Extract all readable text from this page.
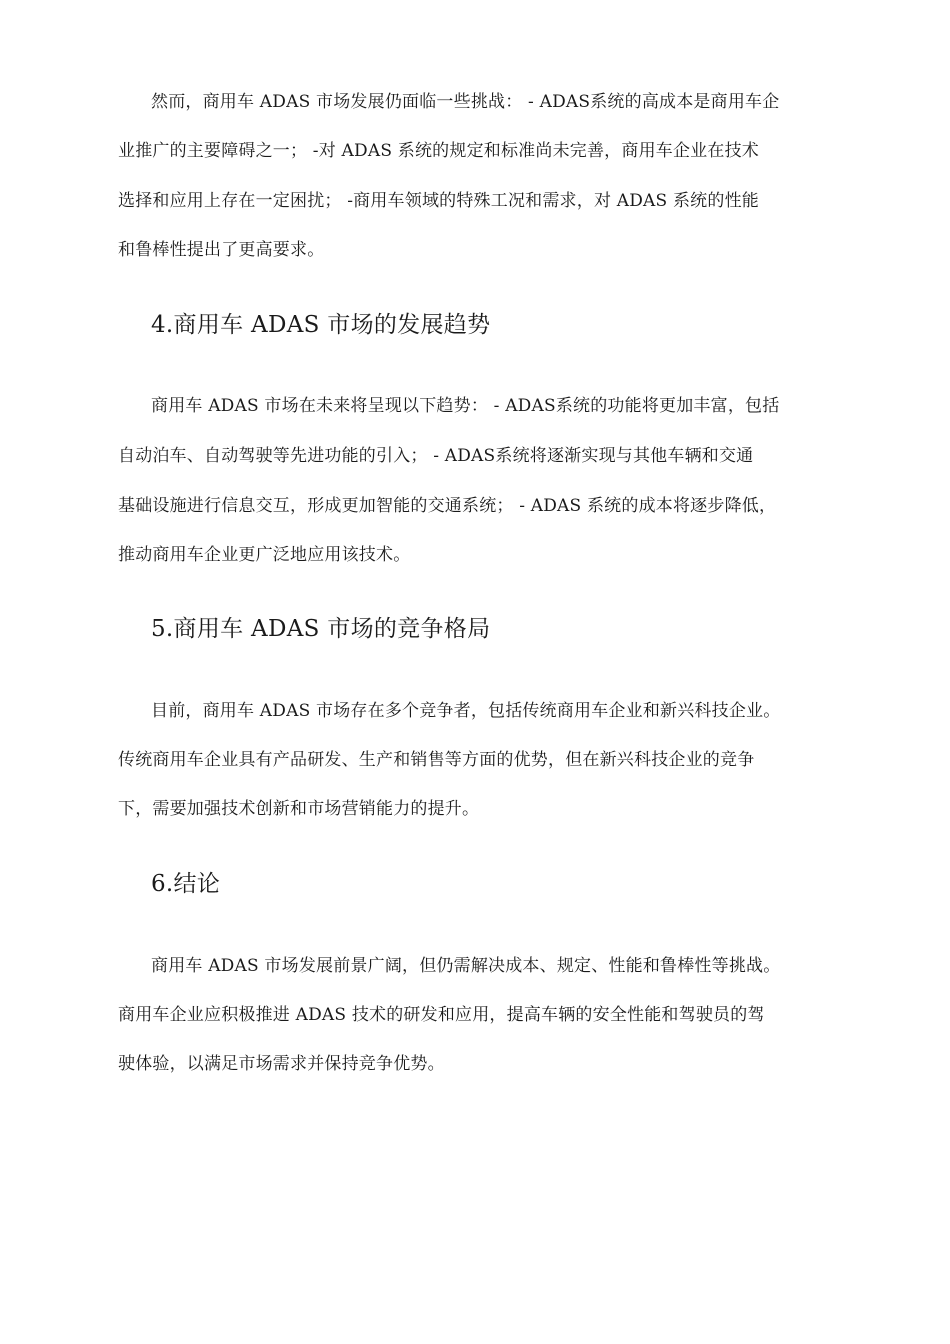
然而，商用车 ADAS 市场发展仍面临一些挑战： - ADAS系统的高成本是商用车企
业推广的主要障碍之一； -对 ADAS 系统的规定和标准尚未完善，商用车企业在技术
选择和应用上存在一定困扰； -商用车领域的特殊工况和需求，对 ADAS 系统的性能
和鲁棒性提出了更高要求。
4.商用车 ADAS 市场的发展趋势
商用车 ADAS 市场在未来将呈现以下趋势： - ADAS系统的功能将更加丰富，包括
自动泊车、自动驾驶等先进功能的引入； - ADAS系统将逐渐实现与其他车辆和交通
基础设施进行信息交互，形成更加智能的交通系统； - ADAS 系统的成本将逐步降低，
推动商用车企业更广泛地应用该技术。
5.商用车 ADAS 市场的竞争格局
目前，商用车 ADAS 市场存在多个竞争者，包括传统商用车企业和新兴科技企业。
传统商用车企业具有产品研发、生产和销售等方面的优势，但在新兴科技企业的竞争
下，需要加强技术创新和市场营销能力的提升。
6.结论
商用车 ADAS 市场发展前景广阔，但仍需解决成本、规定、性能和鲁棒性等挑战。
商用车企业应积极推进 ADAS 技术的研发和应用，提高车辆的安全性能和驾驶员的驾
驶体验，以满足市场需求并保持竞争优势。
